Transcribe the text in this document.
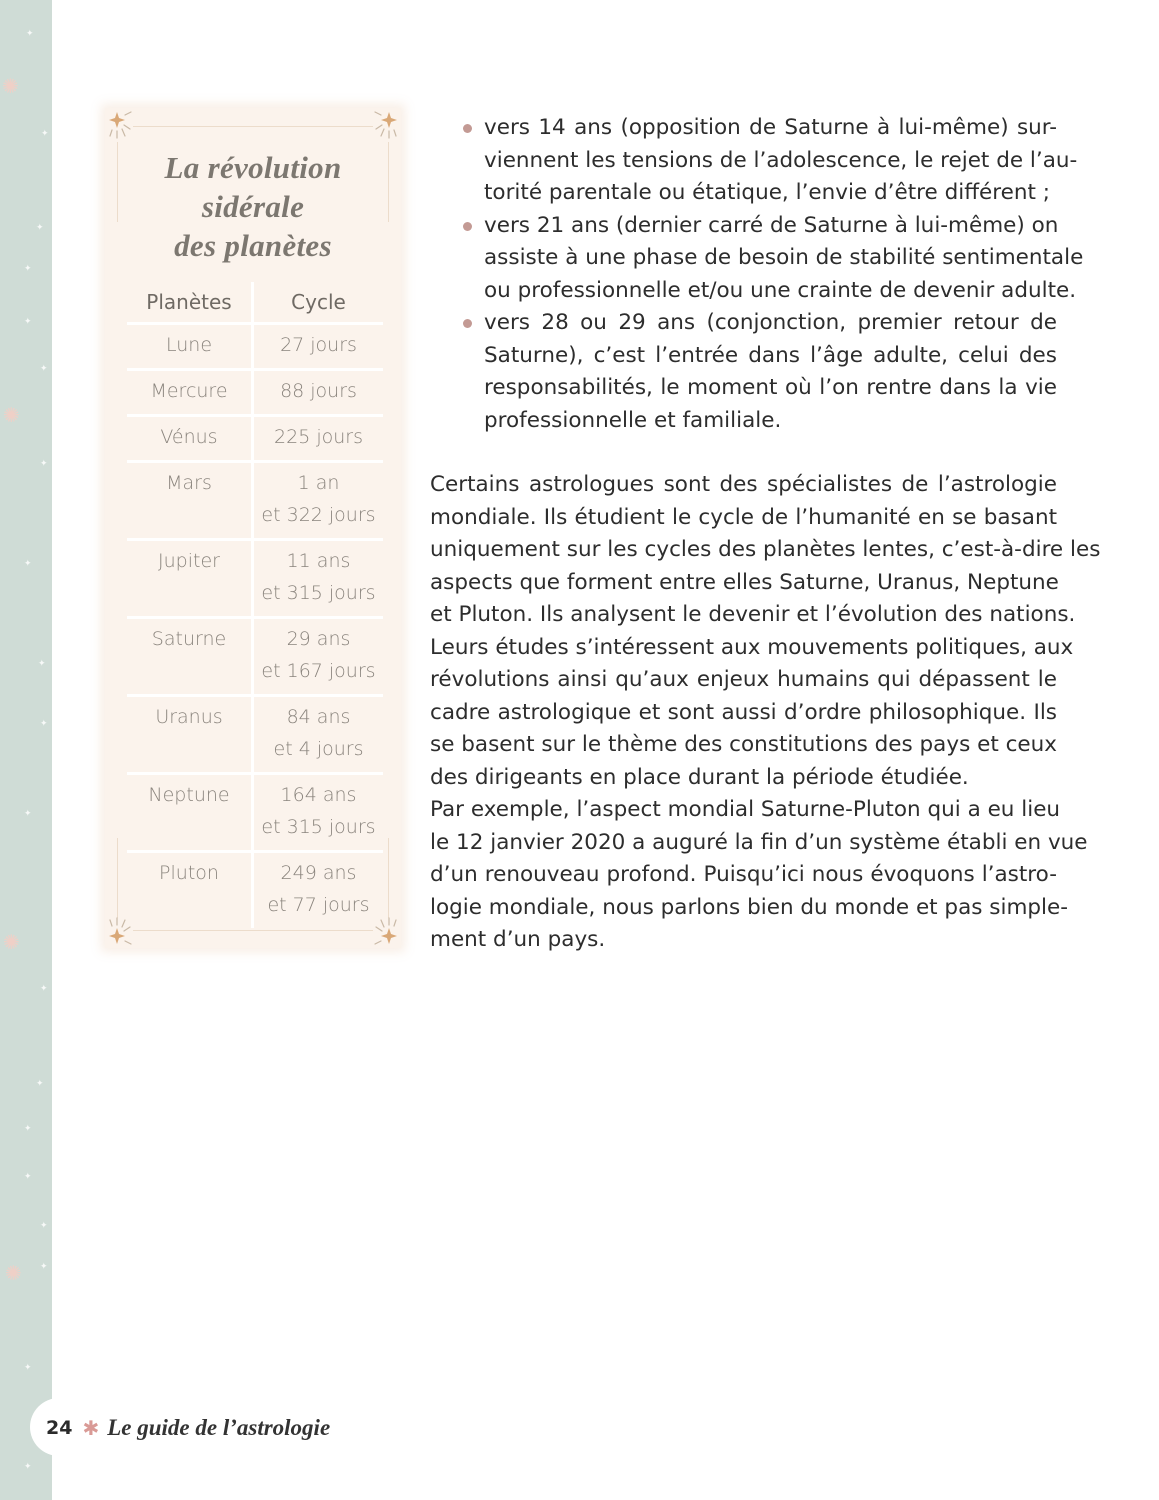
✦
✺
✦
✦
✦
✺
✦
✦
✦
✦
✦
✦
✦
✺
✦
✦
✦
✦
✦
✺ ✦
✦
✦
La révolution
sidérale
des planètes
Planètes	Cycle
Lune	27 jours

Mercure	88 jours

Vénus	225 jours

Mars	1 an
et 322 jours

Jupiter	11 ans
et 315 jours

Saturne	29 ans
et 167 jours

Uranus	84 ans
et 4 jours

Neptune	164 ans
et 315 jours

Pluton	249 ans
et 77 jours
vers 14 ans (opposition de Saturne à lui-même) sur-
viennent les tensions de l’adolescence, le rejet de l’au-
torité parentale ou étatique, l’envie d’être différent ;
vers 21 ans (dernier carré de Saturne à lui-même) on
assiste à une phase de besoin de stabilité sentimentale
ou professionnelle et/ou une crainte de devenir adulte.
vers 28 ou 29 ans (conjonction, premier retour de
Saturne), c’est l’entrée dans l’âge adulte, celui des
responsabilités, le moment où l’on rentre dans la vie
professionnelle et familiale.
Certains astrologues sont des spécialistes de l’astrologie
mondiale. Ils étudient le cycle de l’humanité en se basant
uniquement sur les cycles des planètes lentes, c’est-à-dire les
aspects que forment entre elles Saturne, Uranus, Neptune
et Pluton. Ils analysent le devenir et l’évolution des nations.
Leurs études s’intéressent aux mouvements politiques, aux
révolutions ainsi qu’aux enjeux humains qui dépassent le
cadre astrologique et sont aussi d’ordre philosophique. Ils
se basent sur le thème des constitutions des pays et ceux
des dirigeants en place durant la période étudiée.
Par exemple, l’aspect mondial Saturne-Pluton qui a eu lieu
le 12 janvier 2020 a auguré la fin d’un système établi en vue
d’un renouveau profond. Puisqu’ici nous évoquons l’astro-
logie mondiale, nous parlons bien du monde et pas simple-
ment d’un pays.
24 ✱ Le guide de l’astrologie
